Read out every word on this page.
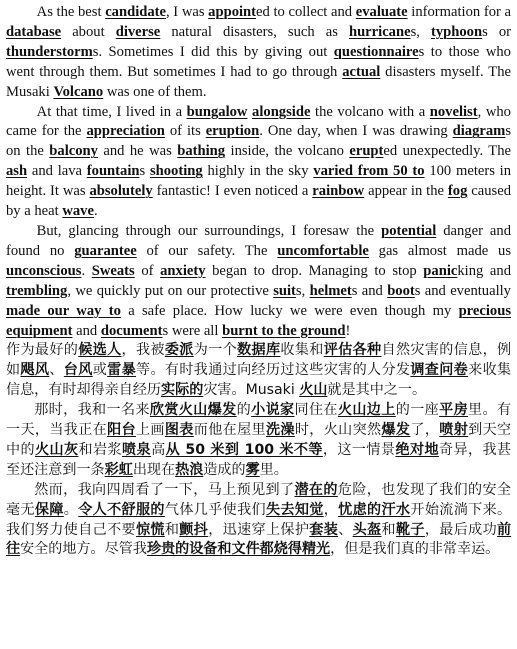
As the best candidate, I was appointed to collect and evaluate information for a database about diverse natural disasters, such as hurricanes, typhoons or thunderstorms. Sometimes I did this by giving out questionnaires to those who went through them. But sometimes I had to go through actual disasters myself. The Musaki Volcano was one of them.

At that time, I lived in a bungalow alongside the volcano with a novelist, who came for the appreciation of its eruption. One day, when I was drawing diagrams on the balcony and he was bathing inside, the volcano erupted unexpectedly. The ash and lava fountains shooting highly in the sky varied from 50 to 100 meters in height. It was absolutely fantastic! I even noticed a rainbow appear in the fog caused by a heat wave.

But, glancing through our surroundings, I foresaw the potential danger and found no guarantee of our safety. The uncomfortable gas almost made us unconscious. Sweats of anxiety began to drop. Managing to stop panicking and trembling, we quickly put on our protective suits, helmets and boots and eventually made our way to a safe place. How lucky we were even though my precious equipment and documents were all burnt to the ground!

作为最好的候选人，我被委派为一个数据库收集和评估各种自然灾害的信息，例如飓风、台风或雷暴等。有时我通过向经历过这些灾害的人分发调查问卷来收集信息，有时却得亲自经历实际的灾害。Musaki 火山就是其中之一。

那时，我和一名来欣赏火山爆发的小说家同住在火山边上的一座平房里。有一天，当我正在阳台上画图表而他在屋里洗澡时，火山突然爆发了，喷射到天空中的火山灰和岩浆喷泉高从 50 米到 100 米不等，这一情景绝对地奇异，我甚至还注意到一条彩虹出现在热浪造成的雾里。

然而，我向四周看了一下，马上预见到了潜在的危险，也发现了我们的安全毫无保障。令人不舒服的气体几乎使我们失去知觉，忧虑的汗水开始流淌下来。我们努力使自己不要惊慌和颤抖，迅速穿上保护套装、头盔和靴子，最后成功前往安全的地方。尽管我珍贵的设备和文件都烧得精光，但是我们真的非常幸运。
